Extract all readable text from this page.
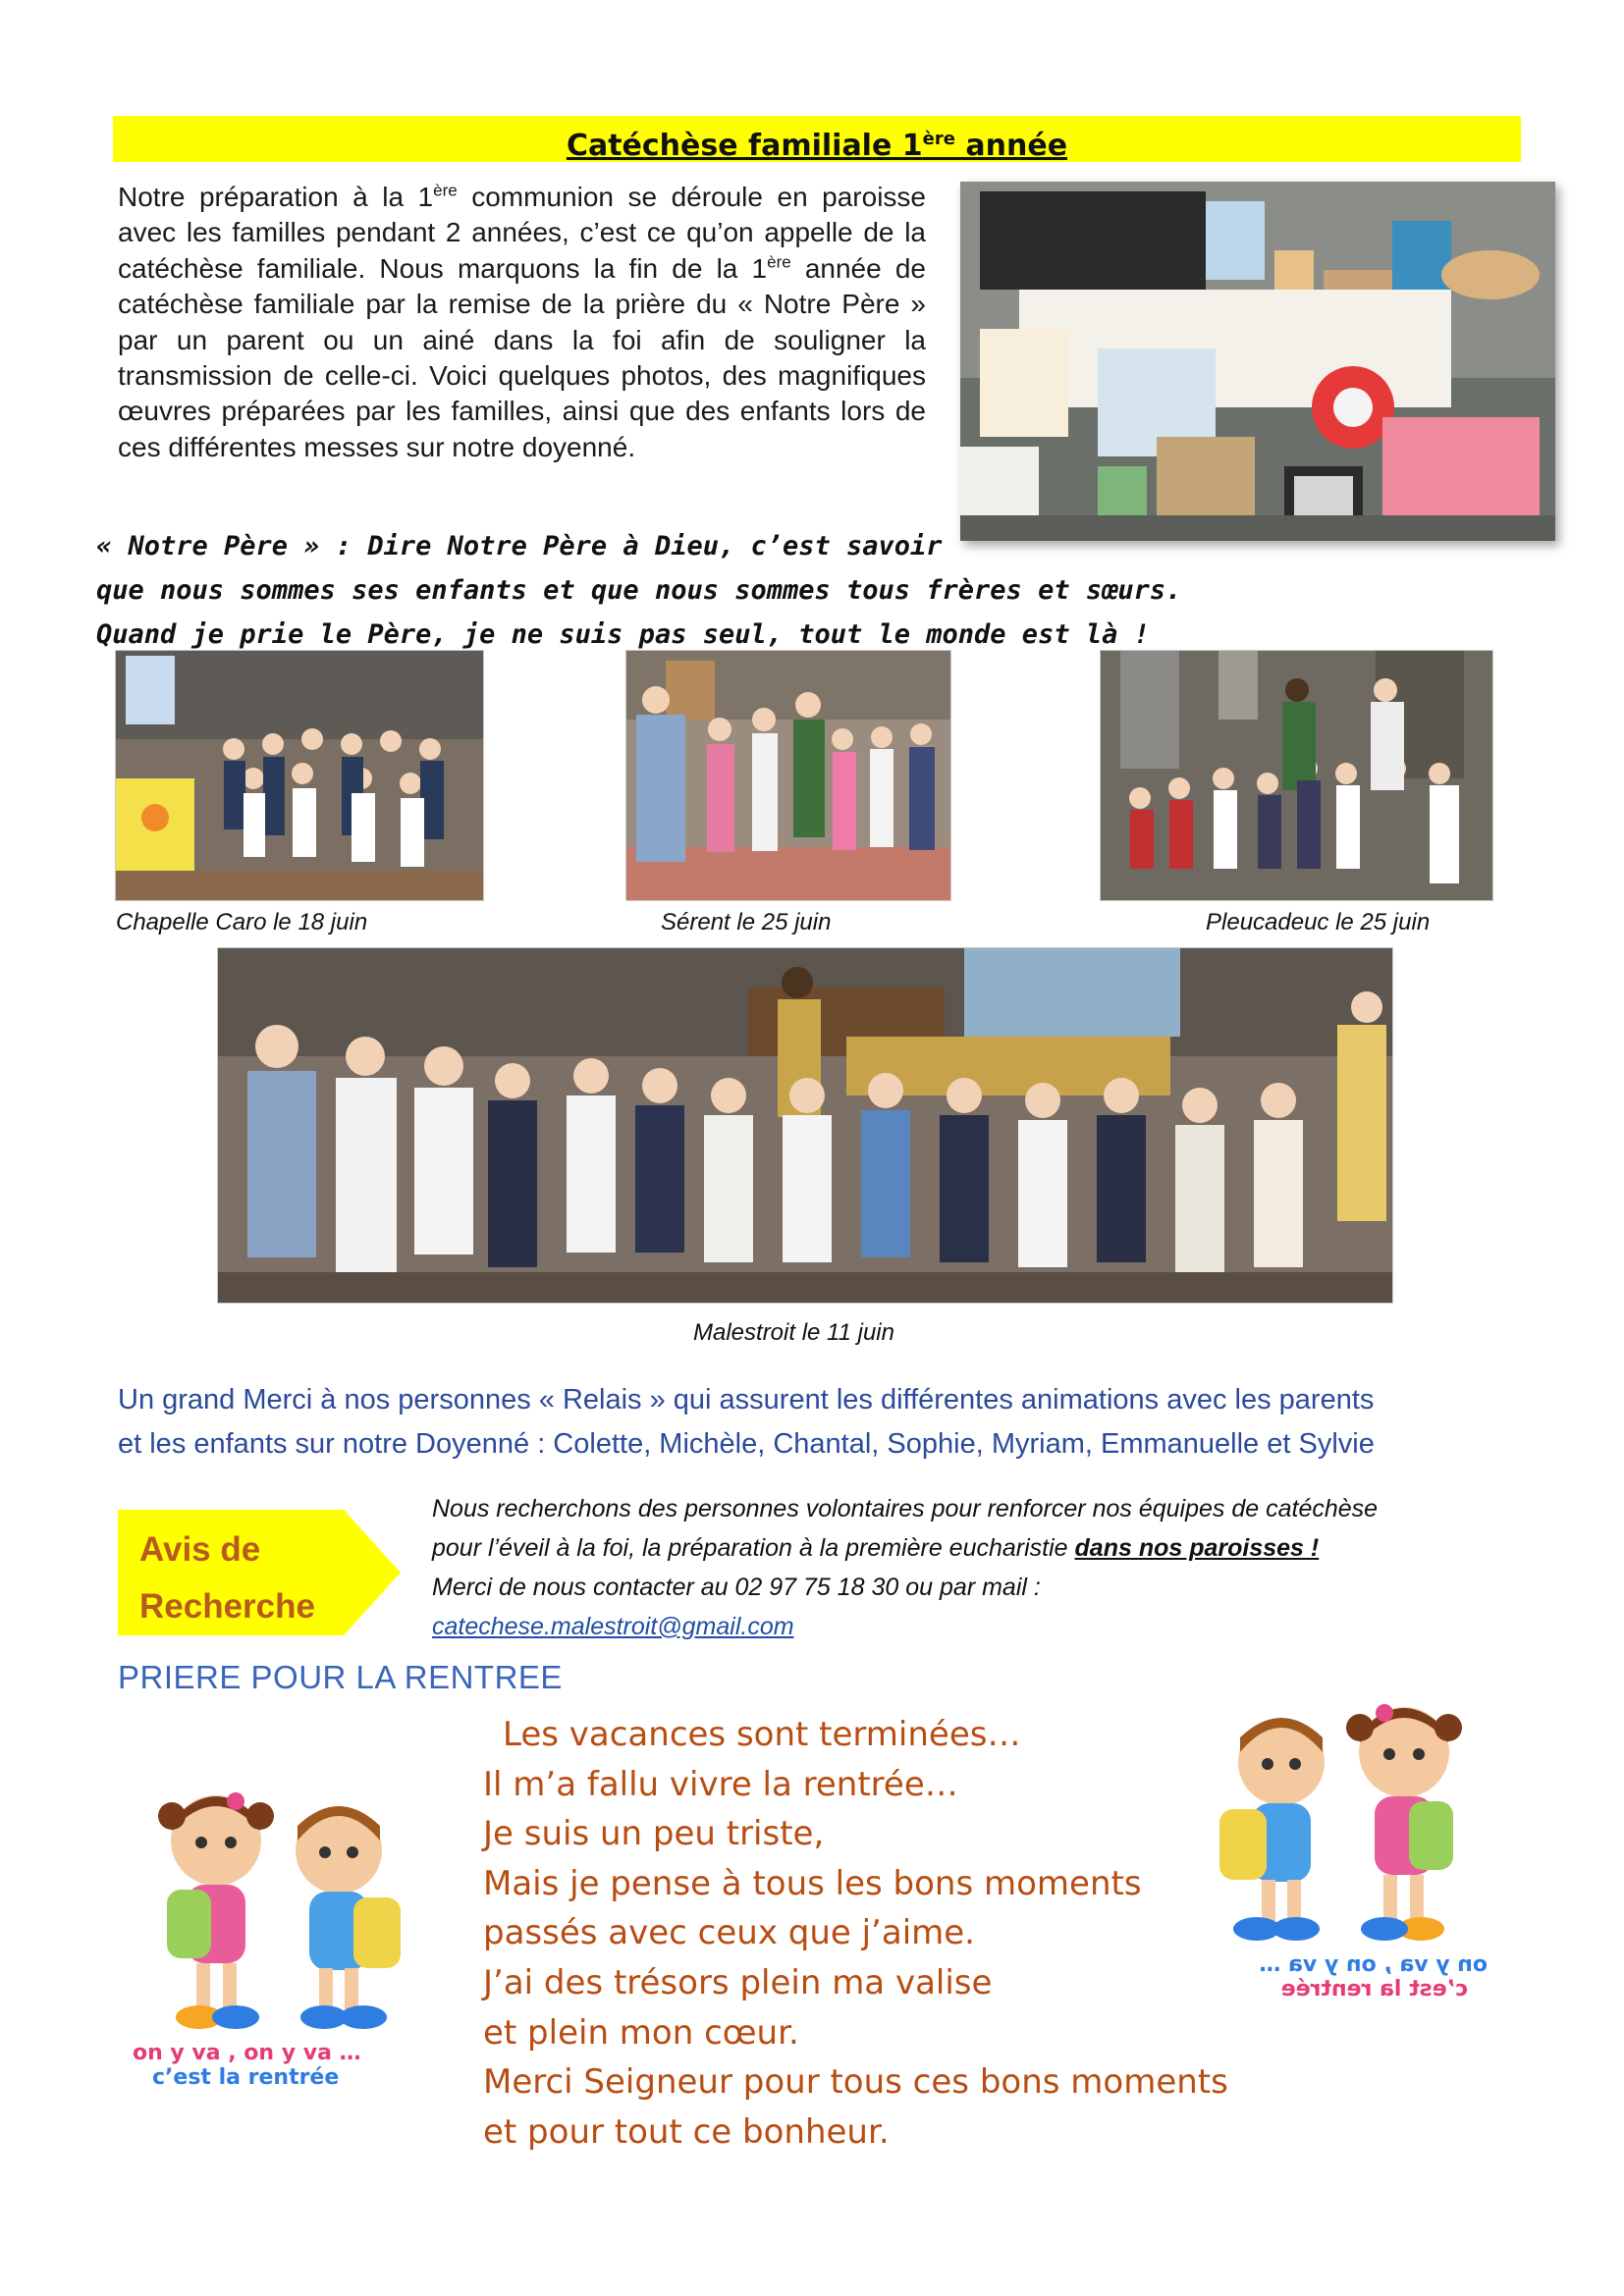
Catéchèse familiale 1ère année
Notre préparation à la 1ère communion se déroule en paroisse avec les familles pendant 2 années, c’est ce qu’on appelle de la catéchèse familiale. Nous marquons la fin de la 1ère année de catéchèse familiale par la remise de la prière du « Notre Père » par un parent ou un ainé dans la foi afin de souligner la transmission de celle-ci. Voici quelques photos, des magnifiques œuvres préparées par les familles, ainsi que des enfants lors de ces différentes messes sur notre doyenné.
« Notre Père » : Dire Notre Père à Dieu, c’est savoir
que nous sommes ses enfants et que nous sommes tous frères et sœurs.
Quand je prie le Père, je ne suis pas seul, tout le monde est là !
Chapelle Caro le 18 juin	Sérent le 25 juin	Pleucadeuc le 25 juin
Malestroit le 11 juin
Un grand Merci à nos personnes « Relais » qui assurent les différentes animations avec les parents
et les enfants sur notre Doyenné : Colette, Michèle, Chantal, Sophie, Myriam, Emmanuelle et Sylvie
Avis de
Recherche
Nous recherchons des personnes volontaires pour renforcer nos équipes de catéchèse
pour l’éveil à la foi, la préparation à la première eucharistie dans nos paroisses !
Merci de nous contacter au 02 97 75 18 30 ou par mail :
catechese.malestroit@gmail.com
PRIERE POUR LA RENTREE
Les vacances sont terminées…
Il m’a fallu vivre la rentrée…
Je suis un peu triste,
Mais je pense à tous les bons moments
passés avec ceux que j’aime.
J’ai des trésors plein ma valise
et plein mon cœur.
Merci Seigneur pour tous ces bons moments
et pour tout ce bonheur.
on y va , on y va …
c’est la rentrée
on y va , on y va …
c’est la rentrée
